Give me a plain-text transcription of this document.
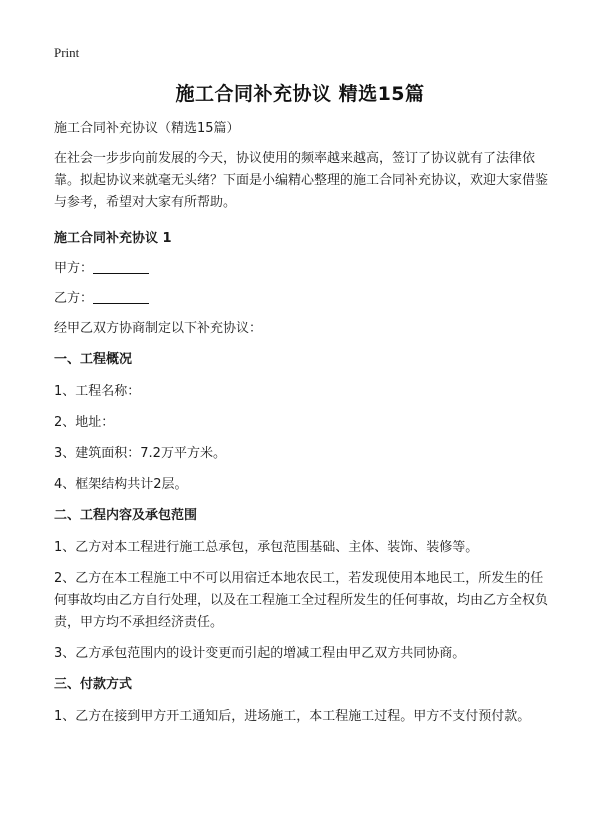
Print
施工合同补充协议 精选15篇

施工合同补充协议（精选15篇）

在社会一步步向前发展的今天，协议使用的频率越来越高，签订了协议就有了法律依靠。拟起协议来就毫无头绪？下面是小编精心整理的施工合同补充协议，欢迎大家借鉴与参考，希望对大家有所帮助。

施工合同补充协议 1

甲方：

乙方：

经甲乙双方协商制定以下补充协议：

一、工程概况

1、工程名称：

2、地址：

3、建筑面积：7.2万平方米。

4、框架结构共计2层。

二、工程内容及承包范围

1、乙方对本工程进行施工总承包，承包范围基础、主体、装饰、装修等。

2、乙方在本工程施工中不可以用宿迁本地农民工，若发现使用本地民工，所发生的任何事故均由乙方自行处理，以及在工程施工全过程所发生的任何事故，均由乙方全权负责，甲方均不承担经济责任。

3、乙方承包范围内的设计变更而引起的增减工程由甲乙双方共同协商。

三、付款方式

1、乙方在接到甲方开工通知后，进场施工，本工程施工过程。甲方不支付预付款。
